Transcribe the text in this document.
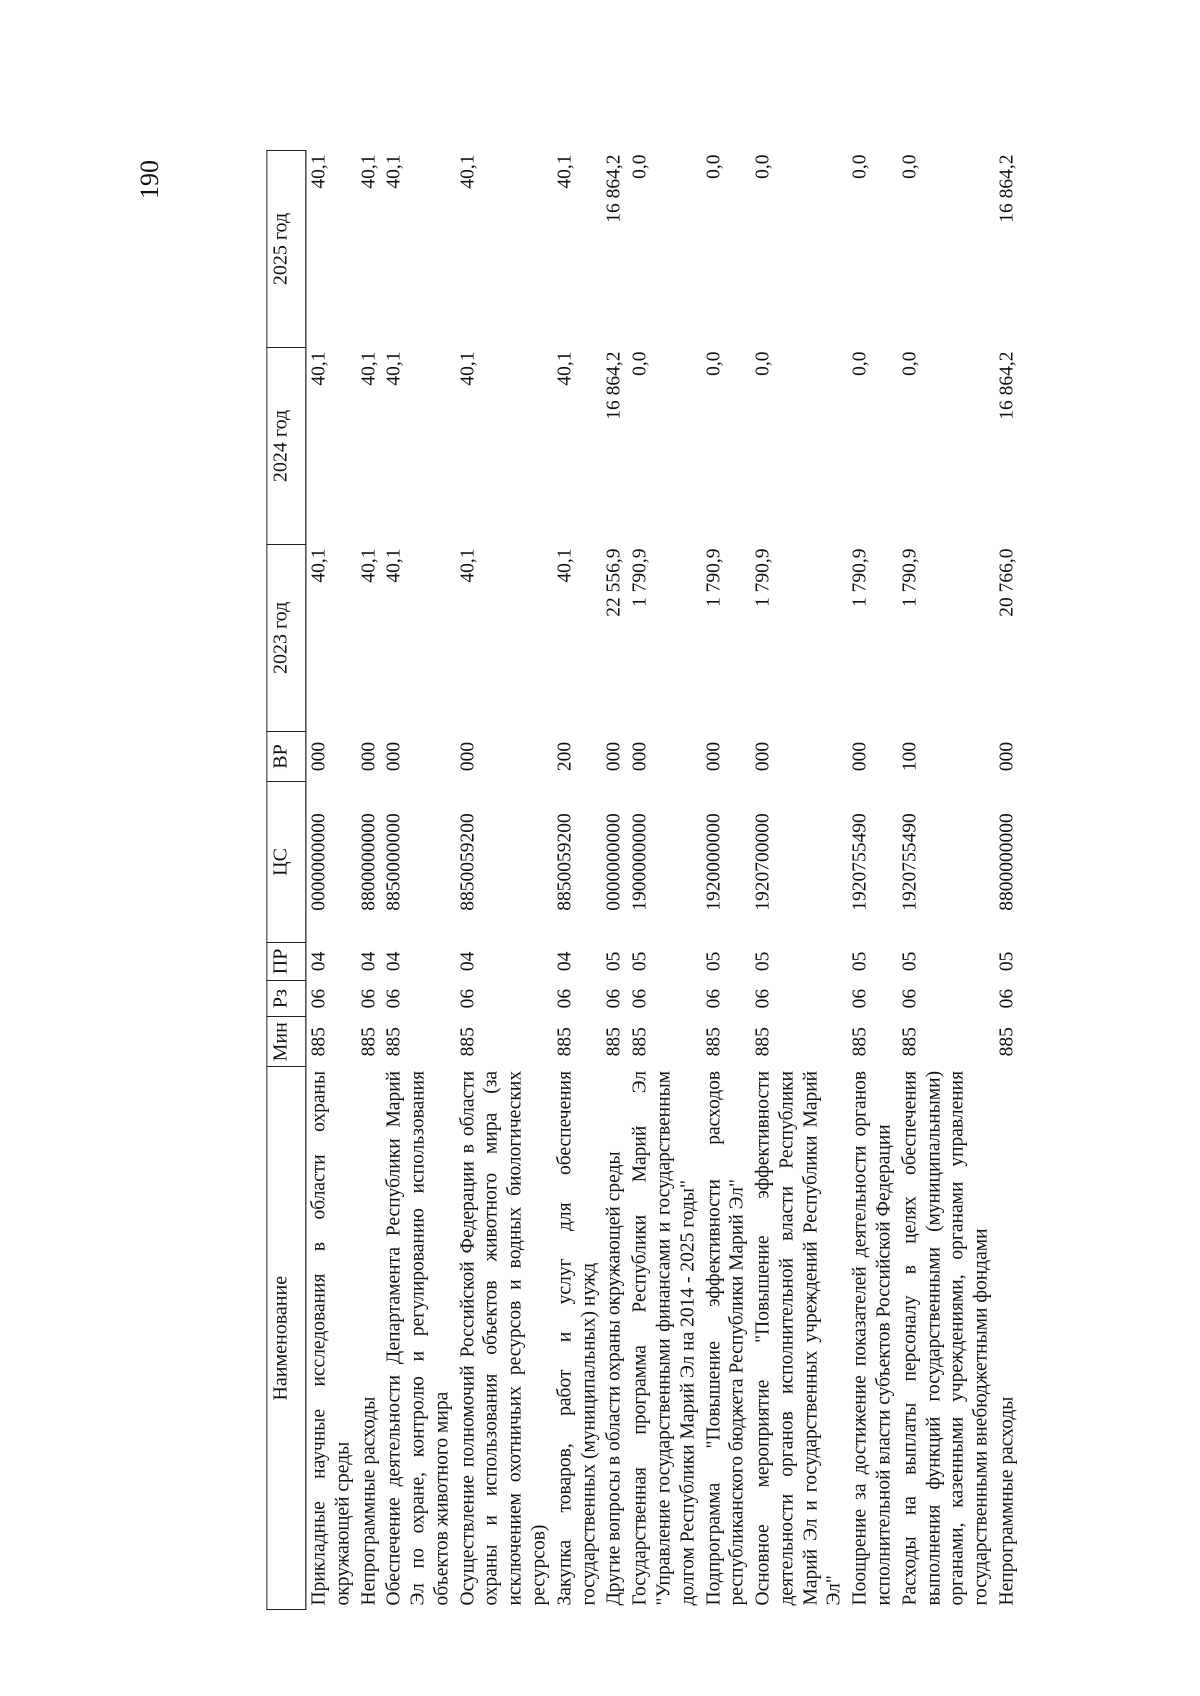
190
Наименование	Мин	Рз	ПР	ЦС	ВР	2023 год	2024 год	2025 год
Прикладные научные исследования в области охраны окружающей среды	885	06	04	0000000000	000	40,1	40,1	40,1
Непрограммные расходы	885	06	04	8800000000	000	40,1	40,1	40,1
Обеспечение деятельности Департамента Республики Марий Эл по охране, контролю и регулированию использования объектов животного мира	885	06	04	8850000000	000	40,1	40,1	40,1
Осуществление полномочий Российской Федерации в области охраны и использования объектов животного мира (за исключением охотничьих ресурсов и водных биологических ресурсов)	885	06	04	8850059200	000	40,1	40,1	40,1
Закупка товаров, работ и услуг для обеспечения государственных (муниципальных) нужд	885	06	04	8850059200	200	40,1	40,1	40,1
Другие вопросы в области охраны окружающей среды	885	06	05	0000000000	000	22 556,9	16 864,2	16 864,2
Государственная программа Республики Марий Эл "Управление государственными финансами и государственным долгом Республики Марий Эл на 2014 - 2025 годы"	885	06	05	1900000000	000	1 790,9	0,0	0,0
Подпрограмма "Повышение эффективности расходов республиканского бюджета Республики Марий Эл"	885	06	05	1920000000	000	1 790,9	0,0	0,0
Основное мероприятие "Повышение эффективности деятельности органов исполнительной власти Республики Марий Эл и государственных учреждений Республики Марий Эл"	885	06	05	1920700000	000	1 790,9	0,0	0,0
Поощрение за достижение показателей деятельности органов исполнительной власти субъектов Российской Федерации	885	06	05	1920755490	000	1 790,9	0,0	0,0
Расходы на выплаты персоналу в целях обеспечения выполнения функций государственными (муниципальными) органами, казенными учреждениями, органами управления государственными внебюджетными фондами	885	06	05	1920755490	100	1 790,9	0,0	0,0
Непрограммные расходы	885	06	05	8800000000	000	20 766,0	16 864,2	16 864,2
